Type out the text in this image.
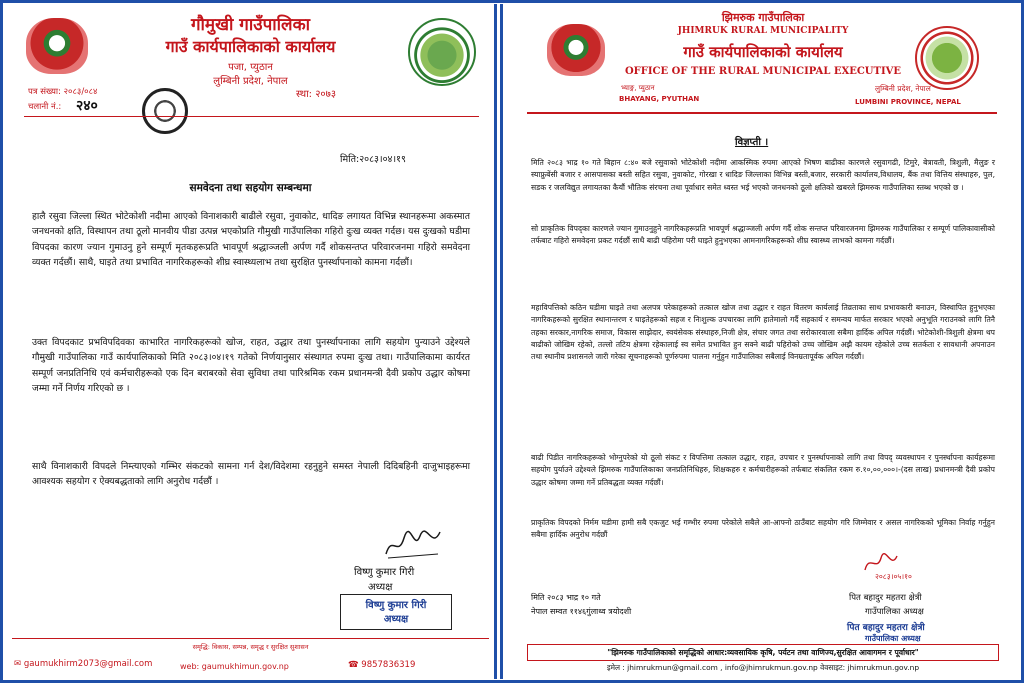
गौमुखी गाउँपालिका
गाउँ कार्यपालिकाको कार्यालय
पजा, प्युठान
लुम्बिनी प्रदेश, नेपाल
स्था: २०७३
पत्र संख्या: २०८३/०८४
चलानी नं.: २४०
मिति:२०८३।०४।१९
समवेदना तथा सहयोग सम्बन्धमा
हालै रसुवा जिल्ला स्थित भोटेकोशी नदीमा आएको विनाशकारी बाढीले रसुवा, नुवाकोट, धादिङ लगायत विभिन्न स्थानहरूमा अकस्मात जनधनको क्षति, विस्थापन तथा ठूलो मानवीय पीडा उत्पन्न भएकोप्रति गौमुखी गाउँपालिका गहिरो दुःख व्यक्त गर्दछ। यस दुःखको घडीमा विपदका कारण ज्यान गुमाउनु हुने सम्पूर्ण मृतकहरूप्रति भावपूर्ण श्रद्धाञ्जली अर्पण गर्दै शोकसन्तप्त परिवारजनमा गहिरो समवेदना व्यक्त गर्दछौं। साथै, घाइते तथा प्रभावित नागरिकहरूको शीघ्र स्वास्थ्यलाभ तथा सुरक्षित पुनर्स्थापनाको कामना गर्दछौं।
उक्त विपदकाट प्रभविपदिवका काभारित नागरिकहरूको खोज, राहत, उद्धार तथा पुनर्स्थापनाका लागि सहयोग पुन्याउने उद्देश्यले गौमुखी गाउँपालिका गाउँ कार्यपालिकाको मिति २०८३।०४।१९ गतेको निर्णयानुसार संस्थागत रुपमा दुःख तथा। गाउँपालिकामा कार्यरत सम्पूर्ण जनप्रतिनिधि एवं कर्मचारीहरूको एक दिन बराबरको सेवा सुविधा तथा पारिश्रमिक रकम प्रधानमन्त्री दैवी प्रकोप उद्धार कोषमा जम्मा गर्ने निर्णय गरिएको छ ।
साथै विनाशकारी विपदले निम्त्याएको गम्भिर संकटको सामना गर्न देश/विदेशमा रहनुहुने समस्त नेपाली दिदिबहिनी दाजुभाइहरूमा आवश्यक सहयोग र ऐक्यबद्धताको लागि अनुरोध गर्दछौं ।
विष्णु कुमार गिरी
अध्यक्ष
विष्णु कुमार गिरी
अध्यक्ष
समृद्धि: विकास, सम्पन्न, समृद्ध र सुरक्षित सुशासन
✉ gaumukhirm2073@gmail.com	web: gaumukhimun.gov.np	☎ 9857836319
झिमरुक गाउँपालिका
JHIMRUK RURAL MUNICIPALITY
गाउँ कार्यपालिकाको कार्यालय
OFFICE OF THE RURAL MUNICIPAL EXECUTIVE
भ्याङ्ग, प्युठान
BHAYANG, PYUTHAN
लुम्बिनी प्रदेश, नेपाल
LUMBINI PROVINCE, NEPAL
विज्ञप्ती ।
मिति २०८३ भाद्र १० गते बिहान ८:४० बजे रसुवाको भोटेकोशी नदीमा आकस्मिक रुपमा आएको भिषण बाढीका कारणले रसुवागढी, टिमुरे, बेत्रावती, त्रिशुली, मैलुङ र स्याफ्रुबेंसी बजार र आसपासका बस्ती सहित रसुवा, नुवाकोट, गोरखा र धादिङ जिल्लाका विभिन्न बस्ती,बजार, सरकारी कार्यालय,विधालय, बैंक तथा वित्तिय संस्थाहरु, पुल, सडक र जलविद्युत लगायतका कैयौं भौतिक संरचना तथा पूर्वाधार समेत ध्वस्त भई भएको जनधनको ठूलो क्षतिको खबरले झिमरुक गाउँपालिका स्तब्ध भएको छ ।
सो प्राकृतिक विपद्का कारणले ज्यान गुमाउनुहुने नागरिकहरूप्रति भावपूर्ण श्रद्धाञ्जली अर्पण गर्दै शोक सन्तप्त परिवारजनमा झिमरुक गाउँपालिका र सम्पूर्ण पालिकावासीको तर्फबाट गहिरो समवेदना प्रकट गर्दछौं साथै बाढी पहिरोमा परी घाइते हुनुभएका आमनागरिकहरूको शीघ्र स्वास्थ्य लाभको कामना गर्दछौं।
महाविपत्तिको कठिन घडीमा घाइते तथा अलपत्र परेकाहरूको तत्काल खोज तथा उद्धार र राहत वितरण कार्यलाई तिव्रताका साथ प्रभावकारी बनाउन, विस्थापित हुनुभएका नागरिकहरूको सुरक्षित स्थानान्तरण र घाइतेहरूको सहज र निःशुल्क उपचारका लागि हातेमालो गर्दै सहकार्य र समन्वय मार्फत सरकार भएको अनुभूति गराउनको लागि तिनै तहका सरकार,नागरिक समाज, विकास साझेदार, स्वयंसेवक संस्थाहरु,निजी क्षेत्र, संचार जगत तथा सरोकारवाला सबैमा हार्दिक अपिल गर्दछौं। भोटेकोशी-त्रिशुली क्षेत्रमा थप बाढीको जोखिम रहेको, तल्लो तटिय क्षेत्रमा रहेकालाई स्व समेत प्रभावित हुन सक्ने बाढी पहिरोको उच्च जोखिम अझै कायम रहेकोले उच्च सतर्कता र सावधानी अपनाउन तथा स्थानीय प्रशासनले जारी गरेका सूचनाहरूको पूर्णरुपमा पालना गर्नुहुन गाउँपालिका सबैलाई विनम्रतापूर्वक अपिल गर्दछौं।
बाढी पिडीत नागरिकहरूको भोग्नुपरेको यो ठूलो संकट र विपत्तिमा तत्काल उद्धार, राहत, उपचार र पुनर्स्थापनाको लागि तथा विपद् व्यवस्थापन र पुनर्स्थापना कार्यहरूमा सहयोग पुर्याउने उद्देश्यले झिमरुक गाउँपालिकाका जनप्रतिनिधिहरु, शिक्षकहरु र कर्मचारीहरूको तर्फबाट संकलित रकम रु.१०,००,०००।-(दस लाख) प्रधानमन्त्री दैवी प्रकोप उद्धार कोषमा जम्मा गर्ने प्रतिबद्धता व्यक्त गर्दछौं।
प्राकृतिक विपदको निर्मम घडीमा हामी सबै एकजुट भई गम्भीर रुपमा परेकोले सबैले आ-आफ्नो ठाउँबाट सहयोग गरि जिम्मेवार र असल नागरिकको भूमिका निर्वाह गर्नुहुन सबैमा हार्दिक अनुरोध गर्दछौं
२०८३।०५।१०
मिति २०८३ भाद्र १० गते
नेपाल सम्वत ११४६गुंलाथ्व त्रयोदशी
पित बहादुर महतरा क्षेत्री
गाउँपालिका अध्यक्ष
पित बहादुर महतरा क्षेत्री
गाउँपालिका अध्यक्ष
"झिमरुक गाउँपालिकाको समृद्धिको आधार:व्यवसायिक कृषि, पर्यटन तथा वाणिज्य,सुरक्षित आवागमन र पूर्वाधार"
इमेल : jhimrukmun@gmail.com , info@jhimrukmun.gov.np वेवसाइट: jhimrukmun.gov.np
